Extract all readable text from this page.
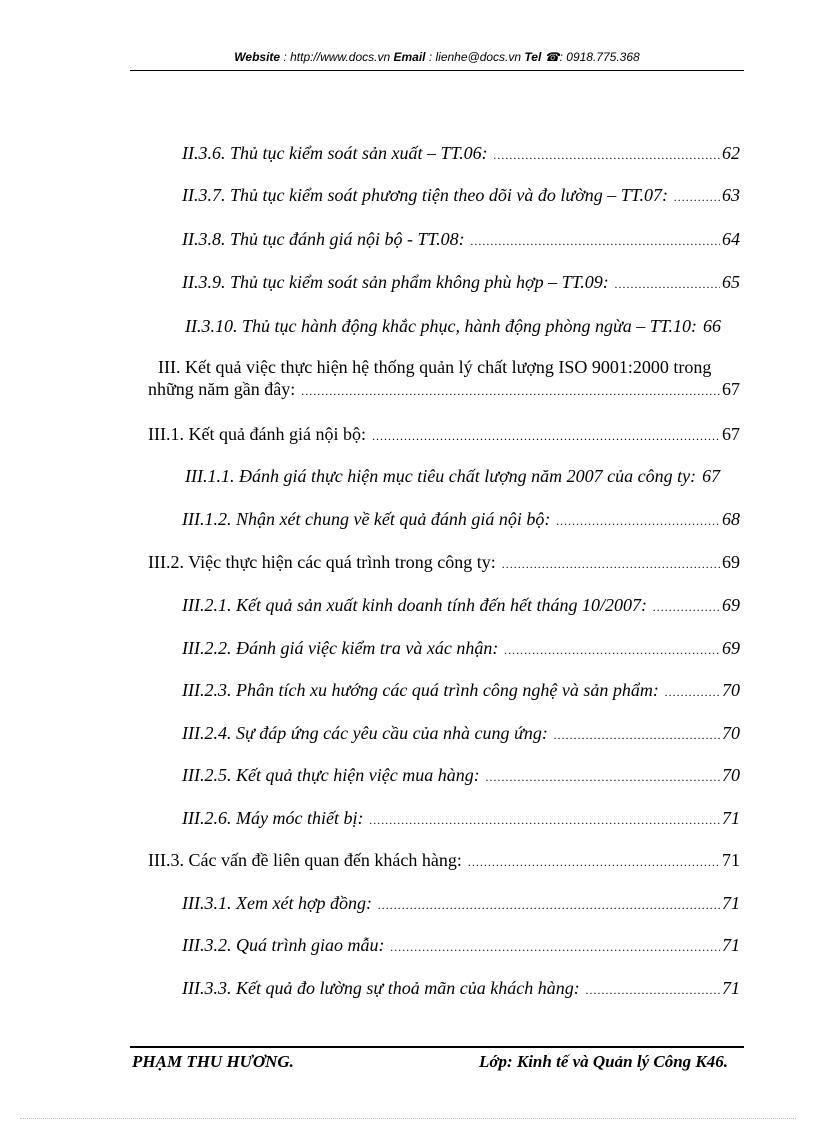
Website : http://www.docs.vn Email : lienhe@docs.vn Tel ☎: 0918.775.368
II.3.6. Thủ tục kiểm soát sản xuất – TT.06: .....	62
II.3.7. Thủ tục kiểm soát phương tiện theo dõi và đo lường – TT.07: .....	63
II.3.8. Thủ tục đánh giá nội bộ - TT.08: .....	64
II.3.9. Thủ tục kiểm soát sản phẩm không phù hợp – TT.09: .....	65
II.3.10. Thủ tục hành động khắc phục, hành động phòng ngừa – TT.10: 66
III. Kết quả việc thực hiện hệ thống quản lý chất lượng ISO 9001:2000 trong
những năm gần đây: .....	67
III.1. Kết quả đánh giá nội bộ: .....	67
III.1.1. Đánh giá thực hiện mục tiêu chất lượng năm 2007 của công ty: 67
III.1.2. Nhận xét chung về kết quả đánh giá nội bộ: .....	68
III.2. Việc thực hiện các quá trình trong công ty: .....	69
III.2.1. Kết quả sản xuất kinh doanh tính đến hết tháng 10/2007: .....	69
III.2.2. Đánh giá việc kiểm tra và xác nhận: .....	69
III.2.3. Phân tích xu hướng các quá trình công nghệ và sản phẩm: .....	70
III.2.4. Sự đáp ứng các yêu cầu của nhà cung ứng: .....	70
III.2.5. Kết quả thực hiện việc mua hàng: .....	70
III.2.6. Máy móc thiết bị: .....	71
III.3. Các vấn đề liên quan đến khách hàng: .....	71
III.3.1. Xem xét hợp đồng: .....	71
III.3.2. Quá trình giao mẫu: .....	71
III.3.3. Kết quả đo lường sự thoả mãn của khách hàng: .....	71
PHẠM THU HƯƠNG.	Lớp: Kinh tế và Quản lý Công K46.
